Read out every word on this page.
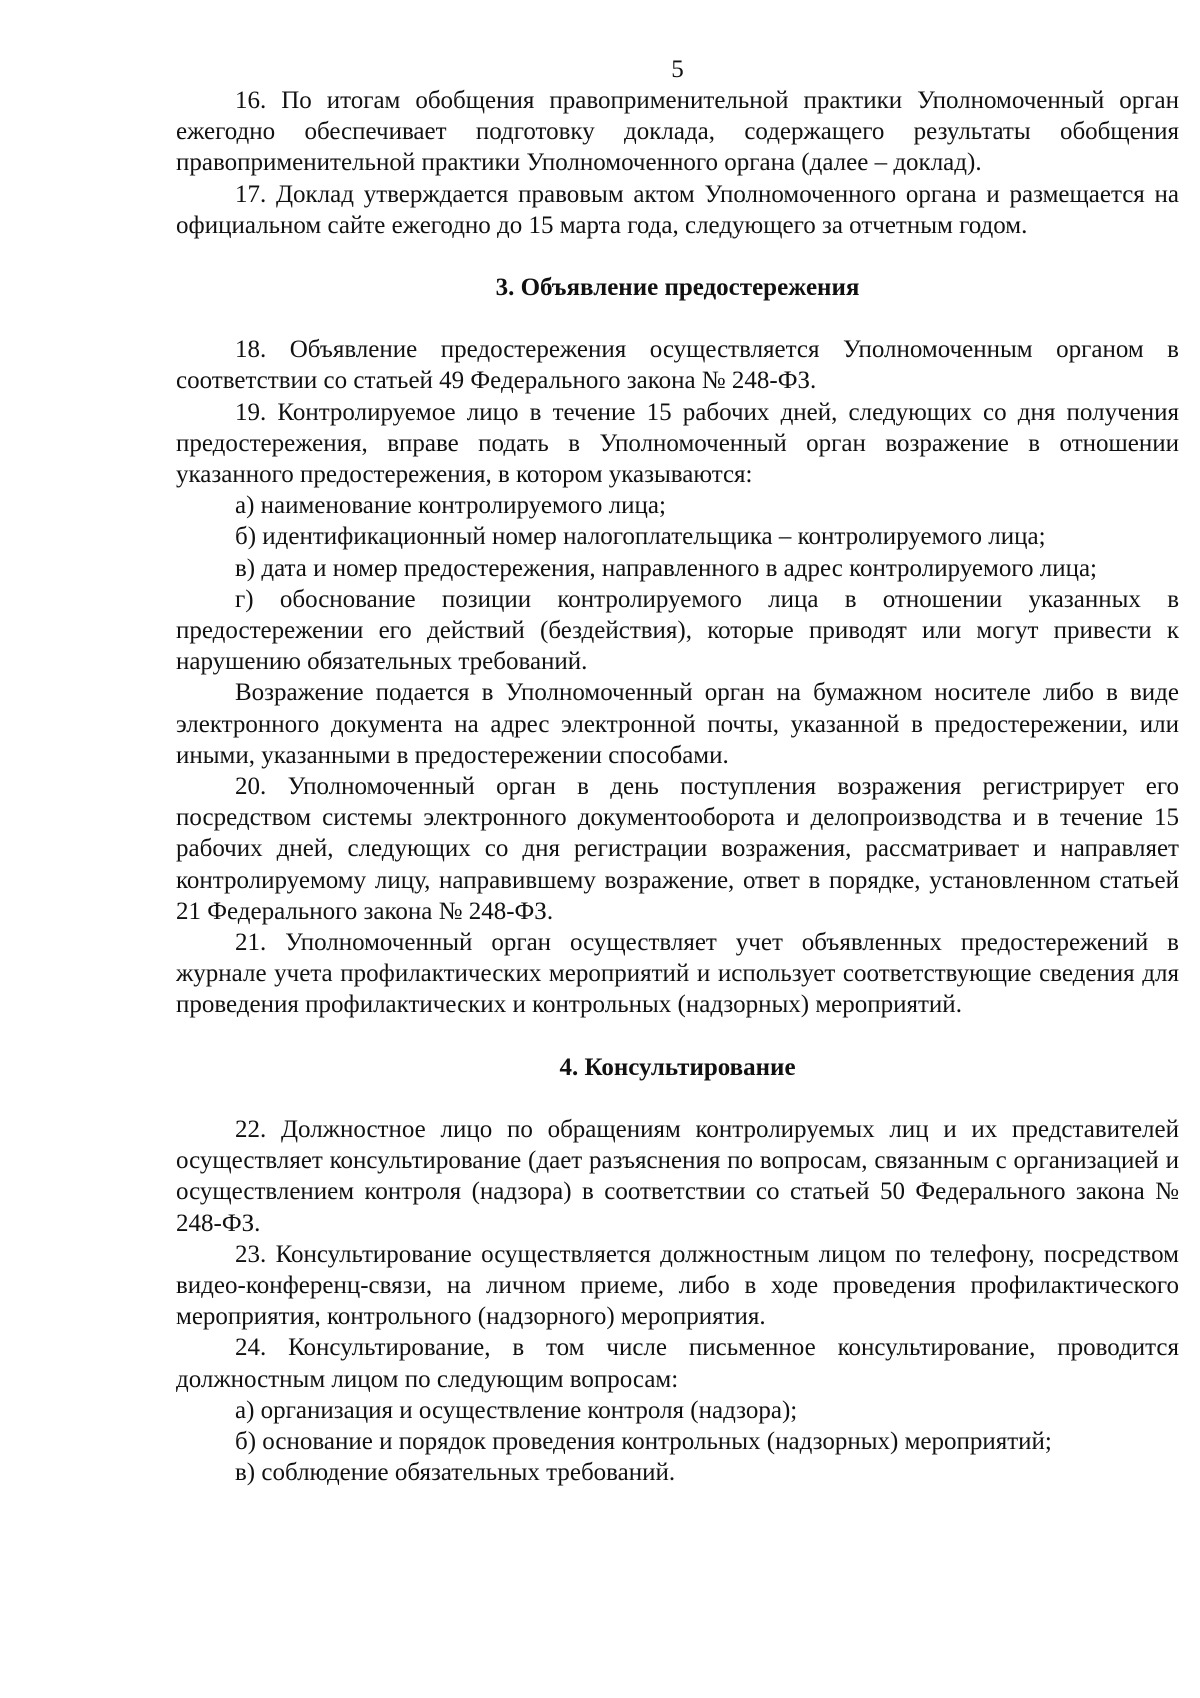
5

16. По итогам обобщения правоприменительной практики Уполномоченный орган ежегодно обеспечивает подготовку доклада, содержащего результаты обобщения правоприменительной практики Уполномоченного органа (далее – доклад).

17. Доклад утверждается правовым актом Уполномоченного органа и размещается на официальном сайте ежегодно до 15 марта года, следующего за отчетным годом.

3. Объявление предостережения

18. Объявление предостережения осуществляется Уполномоченным органом в соответствии со статьей 49 Федерального закона № 248-ФЗ.

19. Контролируемое лицо в течение 15 рабочих дней, следующих со дня получения предостережения, вправе подать в Уполномоченный орган возражение в отношении указанного предостережения, в котором указываются:

а) наименование контролируемого лица;

б) идентификационный номер налогоплательщика – контролируемого лица;

в) дата и номер предостережения, направленного в адрес контролируемого лица;

г) обоснование позиции контролируемого лица в отношении указанных в предостережении его действий (бездействия), которые приводят или могут привести к нарушению обязательных требований.

Возражение подается в Уполномоченный орган на бумажном носителе либо в виде электронного документа на адрес электронной почты, указанной в предостережении, или иными, указанными в предостережении способами.

20. Уполномоченный орган в день поступления возражения регистрирует его посредством системы электронного документооборота и делопроизводства и в течение 15 рабочих дней, следующих со дня регистрации возражения, рассматривает и направляет контролируемому лицу, направившему возражение, ответ в порядке, установленном статьей 21 Федерального закона № 248-ФЗ.

21. Уполномоченный орган осуществляет учет объявленных предостережений в журнале учета профилактических мероприятий и использует соответствующие сведения для проведения профилактических и контрольных (надзорных) мероприятий.

4. Консультирование

22. Должностное лицо по обращениям контролируемых лиц и их представителей осуществляет консультирование (дает разъяснения по вопросам, связанным с организацией и осуществлением контроля (надзора) в соответствии со статьей 50 Федерального закона № 248-ФЗ.

23. Консультирование осуществляется должностным лицом по телефону, посредством видео-конференц-связи, на личном приеме, либо в ходе проведения профилактического мероприятия, контрольного (надзорного) мероприятия.

24. Консультирование, в том числе письменное консультирование, проводится должностным лицом по следующим вопросам:

а) организация и осуществление контроля (надзора);

б) основание и порядок проведения контрольных (надзорных) мероприятий;

в) соблюдение обязательных требований.
